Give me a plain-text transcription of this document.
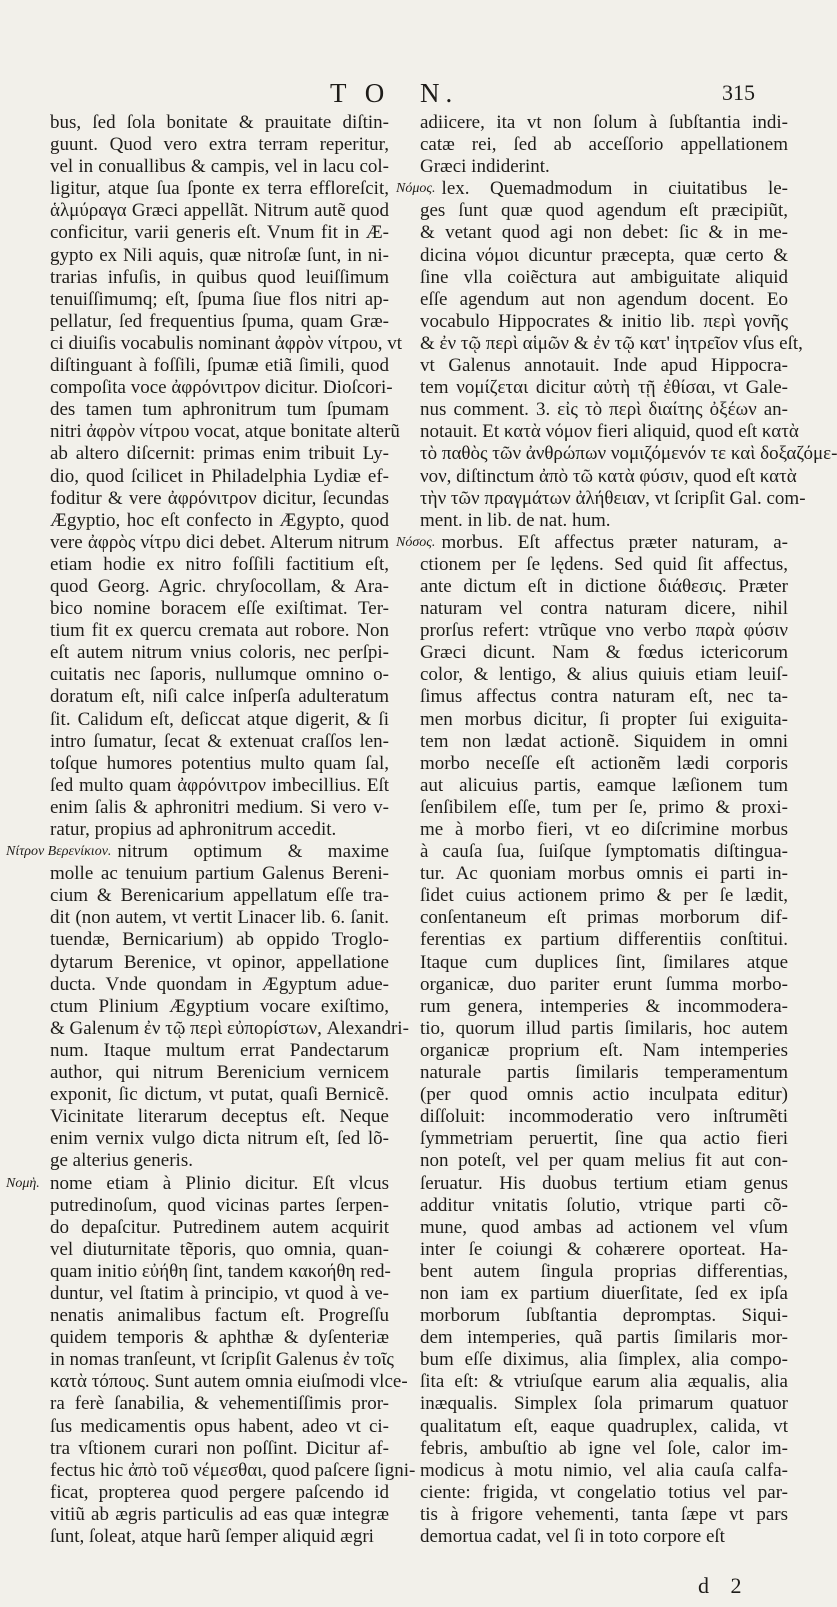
T O N.	315
bus, ſed ſola bonitate & prauitate diſtin-
guunt. Quod vero extra terram reperitur,
vel in conuallibus & campis, vel in lacu col-
ligitur, atque ſua ſponte ex terra effloreſcit,
ἁλμύραγα Græci appellãt. Nitrum autẽ quod
conficitur, varii generis eſt. Vnum fit in Æ-
gypto ex Nili aquis, quæ nitroſæ ſunt, in ni-
trarias infuſis, in quibus quod leuiſſimum
tenuiſſimumq; eſt, ſpuma ſiue flos nitri ap-
pellatur, ſed frequentius ſpuma, quam Græ-
ci diuiſis vocabulis nominant ἀφρὸν νίτρου, vt
diſtinguant à foſſili, ſpumæ etiã ſimili, quod
compoſita voce ἀφρόνιτρον dicitur. Dioſcori-
des tamen tum aphronitrum tum ſpumam
nitri ἀφρὸν νίτρου vocat, atque bonitate alterũ
ab altero diſcernit: primas enim tribuit Ly-
dio, quod ſcilicet in Philadelphia Lydiæ ef-
foditur & vere ἀφρόνιτρον dicitur, ſecundas
Ægyptio, hoc eſt confecto in Ægypto, quod
vere ἀφρὸς νίτρυ dici debet. Alterum nitrum
etiam hodie ex nitro foſſili factitium eſt,
quod Georg. Agric. chryſocollam, & Ara-
bico nomine boracem eſſe exiſtimat. Ter-
tium fit ex quercu cremata aut robore. Non
eſt autem nitrum vnius coloris, nec perſpi-
cuitatis nec ſaporis, nullumque omnino o-
doratum eſt, niſi calce inſperſa adulteratum
ſit. Calidum eſt, deſiccat atque digerit, & ſi
intro ſumatur, ſecat & extenuat craſſos len-
toſque humores potentius multo quam ſal,
ſed multo quam ἀφρόνιτρον imbecillius. Eſt
enim ſalis & aphronitri medium. Si vero v-
ratur, propius ad aphronitrum accedit.
Νίτρον Βερενίκιον. nitrum optimum & maxime
molle ac tenuium partium Galenus Bereni-
cium & Berenicarium appellatum eſſe tra-
dit (non autem, vt vertit Linacer lib. 6. ſanit.
tuendæ, Bernicarium) ab oppido Troglo-
dytarum Berenice, vt opinor, appellatione
ducta. Vnde quondam in Ægyptum adue-
ctum Plinium Ægyptium vocare exiſtimo,
& Galenum ἐν τῷ περὶ εὐπορίστων, Alexandri-
num. Itaque multum errat Pandectarum
author, qui nitrum Berenicium vernicem
exponit, ſic dictum, vt putat, quaſi Bernicẽ.
Vicinitate literarum deceptus eſt. Neque
enim vernix vulgo dicta nitrum eſt, ſed lõ-
ge alterius generis.
Νομὴ. nome etiam à Plinio dicitur. Eſt vlcus
putredinoſum, quod vicinas partes ſerpen-
do depaſcitur. Putredinem autem acquirit
vel diuturnitate tẽporis, quo omnia, quan-
quam initio εὐήθη ſint, tandem κακοήθη red-
duntur, vel ſtatim à principio, vt quod à ve-
nenatis animalibus factum eſt. Progreſſu
quidem temporis & aphthæ & dyſenteriæ
in nomas tranſeunt, vt ſcripſit Galenus ἐν τοῖς
κατὰ τόπους. Sunt autem omnia eiuſmodi vlce-
ra ferè ſanabilia, & vehementiſſimis pror-
ſus medicamentis opus habent, adeo vt ci-
tra vſtionem curari non poſſint. Dicitur af-
fectus hic ἀπὸ τοῦ νέμεσθαι, quod paſcere ſigni-
ficat, propterea quod pergere paſcendo id
vitiũ ab ægris particulis ad eas quæ integræ
ſunt, ſoleat, atque harũ ſemper aliquid ægri
adiicere, ita vt non ſolum à ſubſtantia indi-
catæ rei, ſed ab acceſſorio appellationem
Græci indiderint.
Νόμος. lex. Quemadmodum in ciuitatibus le-
ges ſunt quæ quod agendum eſt præcipiũt,
& vetant quod agi non debet: ſic & in me-
dicina νόμοι dicuntur præcepta, quæ certo &
ſine vlla coiẽctura aut ambiguitate aliquid
eſſe agendum aut non agendum docent. Eo
vocabulo Hippocrates & initio lib. περὶ γονῆς
& ἐν τῷ περὶ αἱμῶν & ἐν τῷ κατ' ἰητρεῖον vſus eſt,
vt Galenus annotauit. Inde apud Hippocra-
tem νομίζεται dicitur αὐτὴ τῇ ἐθίσαι, vt Gale-
nus comment. 3. εἰς τὸ περὶ διαίτης ὀξέων an-
notauit. Et κατὰ νόμον fieri aliquid, quod eſt κατὰ
τὸ παθὸς τῶν ἀνθρώπων νομιζόμενόν τε καὶ δοξαζόμε-
νον, diſtinctum ἀπὸ τῶ κατὰ φύσιν, quod eſt κατὰ
τὴν τῶν πραγμάτων ἀλήθειαν, vt ſcripſit Gal. com-
ment. in lib. de nat. hum.
Νόσος. morbus. Eſt affectus præter naturam, a-
ctionem per ſe lędens. Sed quid ſit affectus,
ante dictum eſt in dictione διάθεσις. Præter
naturam vel contra naturam dicere, nihil
prorſus refert: vtrũque vno verbo παρὰ φύσιν
Græci dicunt. Nam & fœdus ictericorum
color, & lentigo, & alius quiuis etiam leuiſ-
ſimus affectus contra naturam eſt, nec ta-
men morbus dicitur, ſi propter ſui exiguita-
tem non lædat actionẽ. Siquidem in omni
morbo neceſſe eſt actionẽm lædi corporis
aut alicuius partis, eamque læſionem tum
ſenſibilem eſſe, tum per ſe, primo & proxi-
me à morbo fieri, vt eo diſcrimine morbus
à cauſa ſua, ſuiſque ſymptomatis diſtingua-
tur. Ac quoniam morbus omnis ei parti in-
ſidet cuius actionem primo & per ſe lædit,
conſentaneum eſt primas morborum dif-
ferentias ex partium differentiis conſtitui.
Itaque cum duplices ſint, ſimilares atque
organicæ, duo pariter erunt ſumma morbo-
rum genera, intemperies & incommodera-
tio, quorum illud partis ſimilaris, hoc autem
organicæ proprium eſt. Nam intemperies
naturale partis ſimilaris temperamentum
(per quod omnis actio inculpata editur)
diſſoluit: incommoderatio vero inſtrumẽti
ſymmetriam peruertit, ſine qua actio fieri
non poteſt, vel per quam melius fit aut con-
ſeruatur. His duobus tertium etiam genus
additur vnitatis ſolutio, vtrique parti cõ-
mune, quod ambas ad actionem vel vſum
inter ſe coiungi & cohærere oporteat. Ha-
bent autem ſingula proprias differentias,
non iam ex partium diuerſitate, ſed ex ipſa
morborum ſubſtantia depromptas. Siqui-
dem intemperies, quã partis ſimilaris mor-
bum eſſe diximus, alia ſimplex, alia compo-
ſita eſt: & vtriuſque earum alia æqualis, alia
inæqualis. Simplex ſola primarum quatuor
qualitatum eſt, eaque quadruplex, calida, vt
febris, ambuſtio ab igne vel ſole, calor im-
modicus à motu nimio, vel alia cauſa calfa-
ciente: frigida, vt congelatio totius vel par-
tis à frigore vehementi, tanta ſæpe vt pars
demortua cadat, vel ſi in toto corpore eſt
d 2
